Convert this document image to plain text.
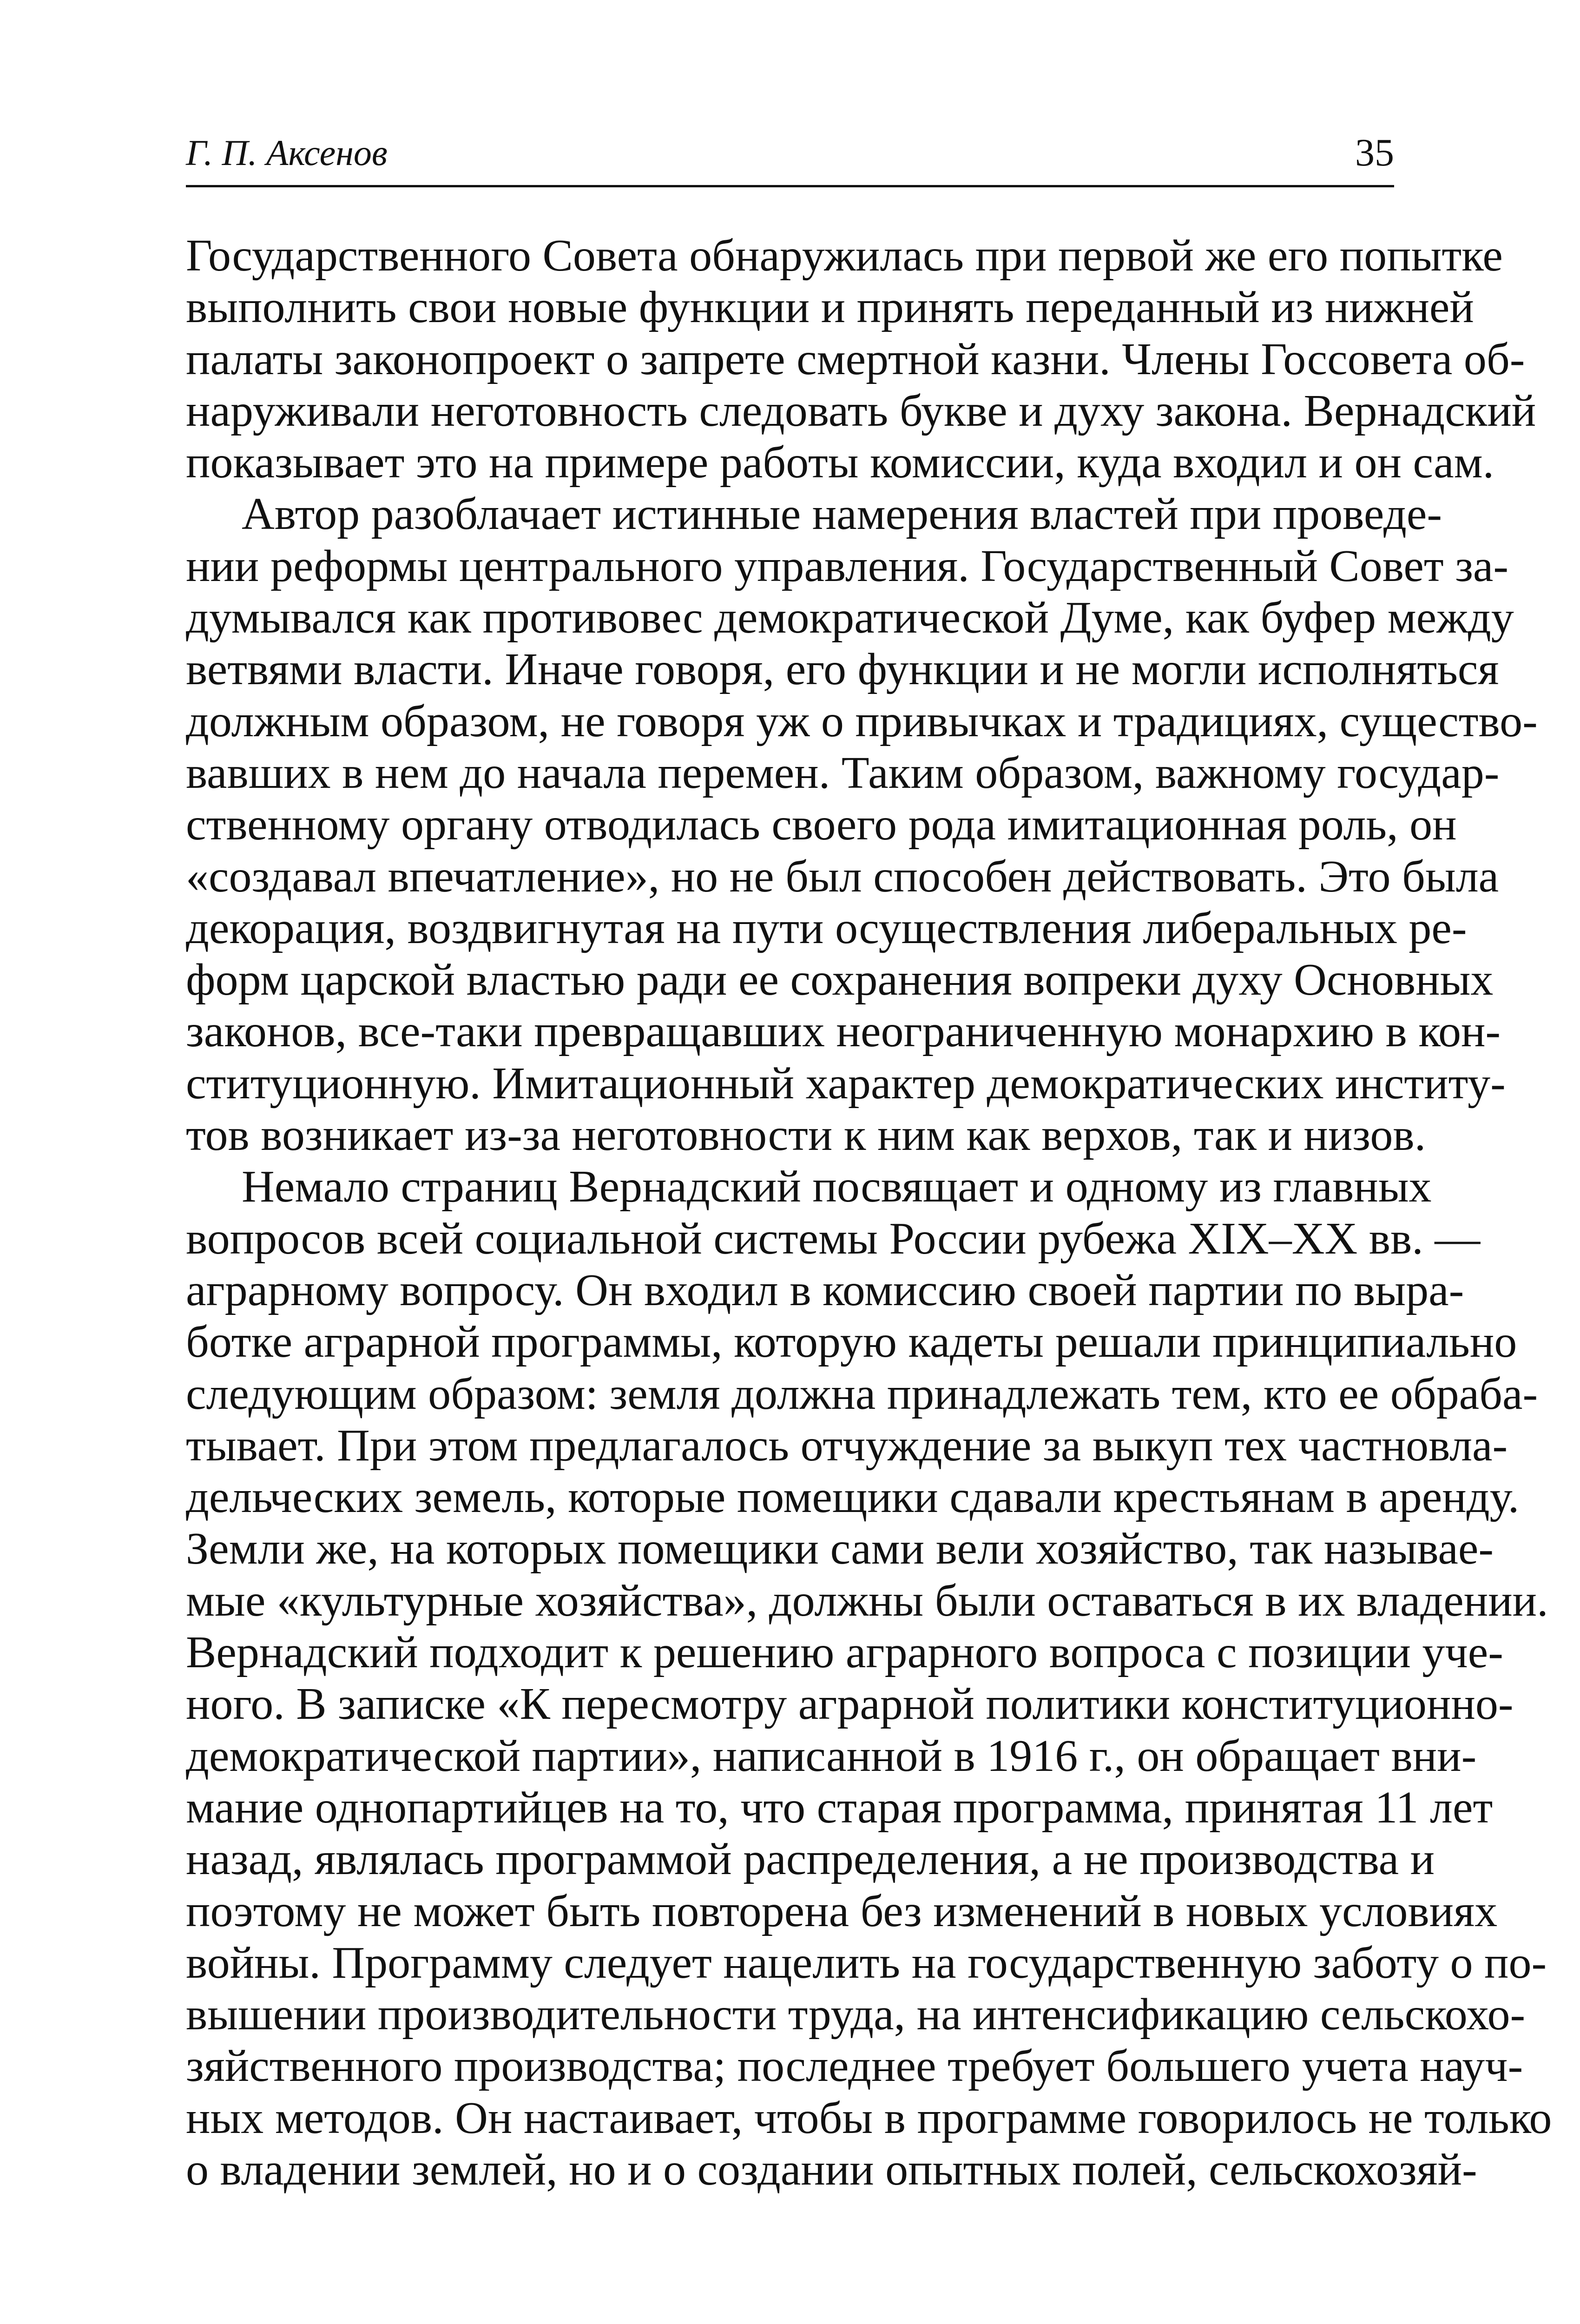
Г. П. Аксенов	35
Государственного Совета обнаружилась при первой же его попытке
выполнить свои новые функции и принять переданный из нижней
палаты законопроект о запрете смертной казни. Члены Госсовета об-
наруживали неготовность следовать букве и духу закона. Вернадский
показывает это на примере работы комиссии, куда входил и он сам.
Автор разоблачает истинные намерения властей при проведе-
нии реформы центрального управления. Государственный Совет за-
думывался как противовес демократической Думе, как буфер между
ветвями власти. Иначе говоря, его функции и не могли исполняться
должным образом, не говоря уж о привычках и традициях, существо-
вавших в нем до начала перемен. Таким образом, важному государ-
ственному органу отводилась своего рода имитационная роль, он
«создавал впечатление», но не был способен действовать. Это была
декорация, воздвигнутая на пути осуществления либеральных ре-
форм царской властью ради ее сохранения вопреки духу Основных
законов, все-таки превращавших неограниченную монархию в кон-
ституционную. Имитационный характер демократических институ-
тов возникает из-за неготовности к ним как верхов, так и низов.
Немало страниц Вернадский посвящает и одному из главных
вопросов всей социальной системы России рубежа XIX–XX вв. —
аграрному вопросу. Он входил в комиссию своей партии по выра-
ботке аграрной программы, которую кадеты решали принципиально
следующим образом: земля должна принадлежать тем, кто ее обраба-
тывает. При этом предлагалось отчуждение за выкуп тех частновла-
дельческих земель, которые помещики сдавали крестьянам в аренду.
Земли же, на которых помещики сами вели хозяйство, так называе-
мые «культурные хозяйства», должны были оставаться в их владении.
Вернадский подходит к решению аграрного вопроса с позиции уче-
ного. В записке «К пересмотру аграрной политики конституционно-
демократической партии», написанной в 1916 г., он обращает вни-
мание однопартийцев на то, что старая программа, принятая 11 лет
назад, являлась программой распределения, а не производства и
поэтому не может быть повторена без изменений в новых условиях
войны. Программу следует нацелить на государственную заботу о по-
вышении производительности труда, на интенсификацию сельскохо-
зяйственного производства; последнее требует большего учета науч-
ных методов. Он настаивает, чтобы в программе говорилось не только
о владении землей, но и о создании опытных полей, сельскохозяй-
